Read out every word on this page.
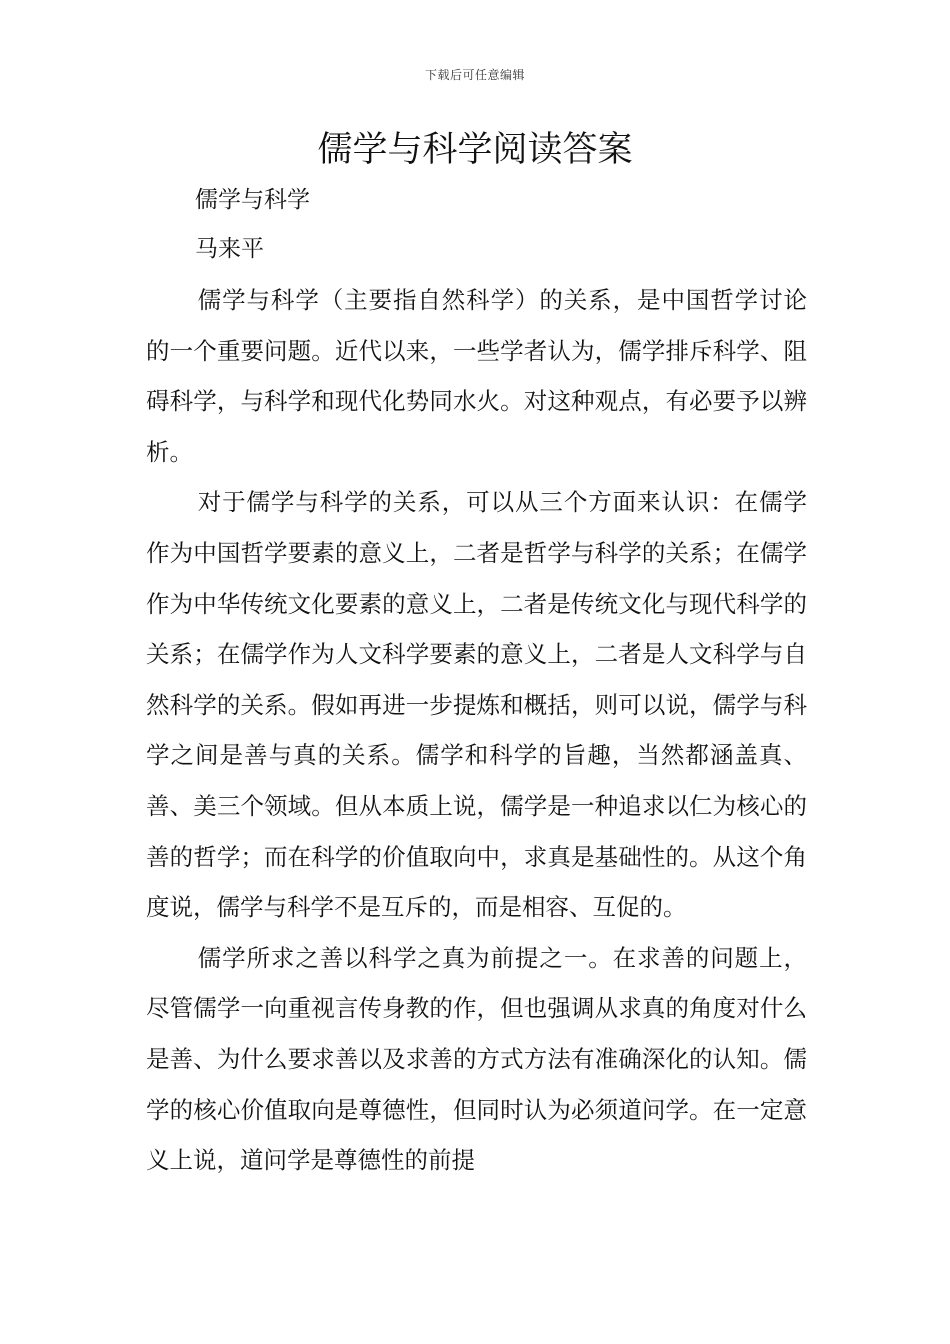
下载后可任意编辑
儒学与科学阅读答案
儒学与科学
马来平

儒学与科学（主要指自然科学）的关系，是中国哲学讨论的一个重要问题。近代以来，一些学者认为，儒学排斥科学、阻碍科学，与科学和现代化势同水火。对这种观点，有必要予以辨析。

对于儒学与科学的关系，可以从三个方面来认识：在儒学作为中国哲学要素的意义上，二者是哲学与科学的关系；在儒学作为中华传统文化要素的意义上，二者是传统文化与现代科学的关系；在儒学作为人文科学要素的意义上，二者是人文科学与自然科学的关系。假如再进一步提炼和概括，则可以说，儒学与科学之间是善与真的关系。儒学和科学的旨趣，当然都涵盖真、善、美三个领域。但从本质上说，儒学是一种追求以仁为核心的善的哲学；而在科学的价值取向中，求真是基础性的。从这个角度说，儒学与科学不是互斥的，而是相容、互促的。

儒学所求之善以科学之真为前提之一。在求善的问题上，尽管儒学一向重视言传身教的作，但也强调从求真的角度对什么是善、为什么要求善以及求善的方式方法有准确深化的认知。儒学的核心价值取向是尊德性，但同时认为必须道问学。在一定意义上说，道问学是尊德性的前提
